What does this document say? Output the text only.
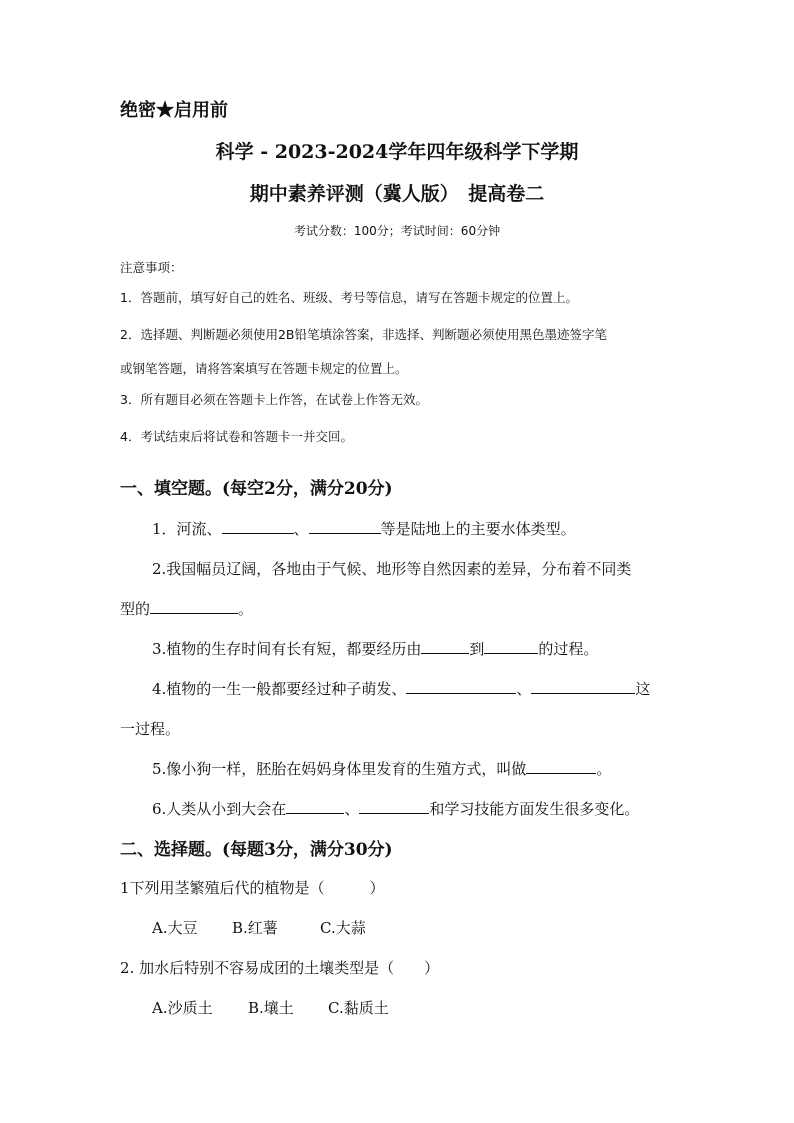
绝密★启用前
科学 - 2023-2024学年四年级科学下学期
期中素养评测（冀人版）　提高卷二
考试分数：100分；考试时间：60分钟
注意事项：
1．答题前，填写好自己的姓名、班级、考号等信息，请写在答题卡规定的位置上。
2．选择题、判断题必须使用2B铅笔填涂答案，非选择、判断题必须使用黑色墨迹签字笔
或钢笔答题，请将答案填写在答题卡规定的位置上。
3．所有题目必须在答题卡上作答，在试卷上作答无效。
4．考试结束后将试卷和答题卡一并交回。
一、填空题。(每空2分，满分20分)
1．河流、	、	等是陆地上的主要水体类型。
2.我国幅员辽阔，各地由于气候、地形等自然因素的差异，分布着不同类
型的	。
3.植物的生存时间有长有短，都要经历由	到	的过程。
4.植物的一生一般都要经过种子萌发、	、	这
一过程。
5.像小狗一样，胚胎在妈妈身体里发育的生殖方式，叫做	。
6.人类从小到大会在	、	和学习技能方面发生很多变化。
二、选择题。(每题3分，满分30分)
1下列用茎繁殖后代的植物是（　　　）
A.大豆 B.红薯	C.大蒜
2. 加水后特别不容易成团的土壤类型是（　　）
A.沙质土 B.壤土 C.黏质土
